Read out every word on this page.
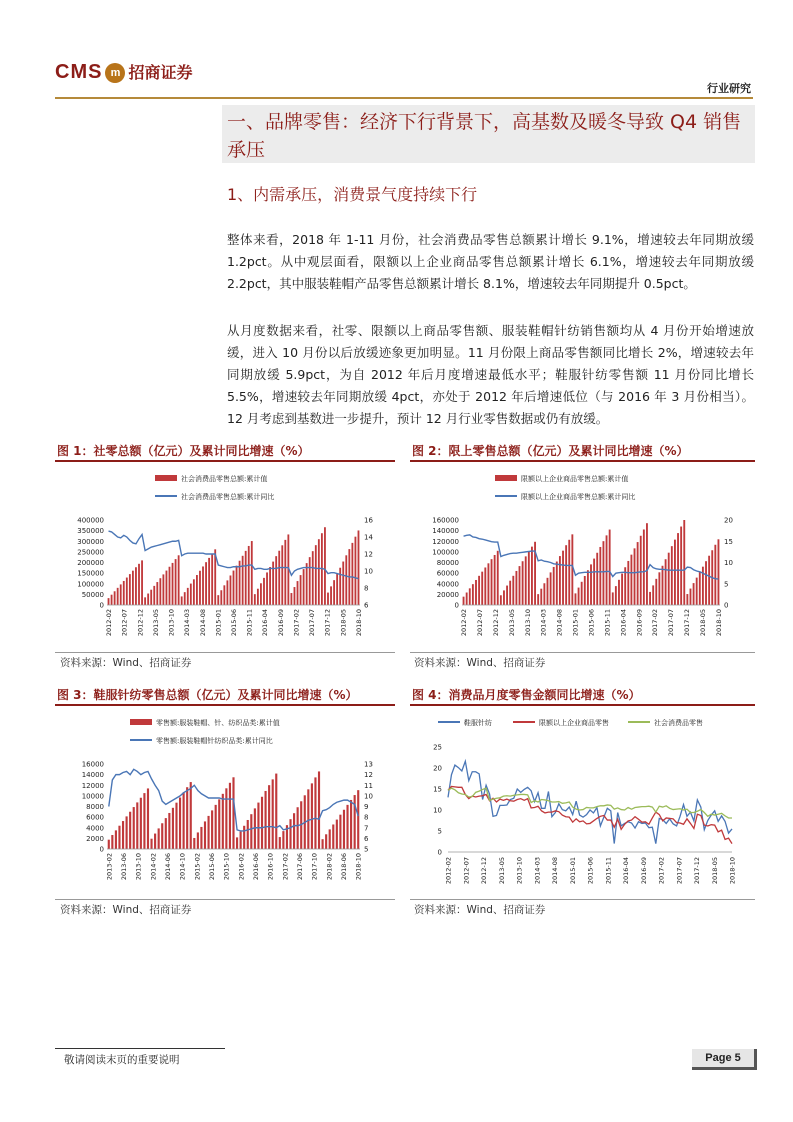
CMS m 招商证券
行业研究
一、品牌零售：经济下行背景下，高基数及暖冬导致 Q4 销售承压
1、内需承压，消费景气度持续下行
整体来看，2018 年 1-11 月份，社会消费品零售总额累计增长 9.1%，增速较去年同期放缓 1.2pct。从中观层面看，限额以上企业商品零售总额累计增长 6.1%，增速较去年同期放缓 2.2pct，其中服装鞋帽产品零售总额累计增长 8.1%，增速较去年同期提升 0.5pct。
从月度数据来看，社零、限额以上商品零售额、服装鞋帽针纺销售额均从 4 月份开始增速放缓，进入 10 月份以后放缓迹象更加明显。11 月份限上商品零售额同比增长 2%，增速较去年同期放缓 5.9pct，为自 2012 年后月度增速最低水平；鞋服针纺零售额 11 月份同比增长 5.5%，增速较去年同期放缓 4pct，亦处于 2012 年后增速低位（与 2016 年 3 月份相当）。12 月考虑到基数进一步提升，预计 12 月行业零售数据或仍有放缓。
图 1：社零总额（亿元）及累计同比增速（%）
社会消费品零售总额:累计值
社会消费品零售总额:累计同比
0
50000
100000
150000
200000
250000
300000
350000
400000
6
8
10
12
14
16
2012-02 2012-07 2012-12 2013-05 2013-10 2014-03 2014-08 2015-01 2015-06 2015-11 2016-04 2016-09 2017-02 2017-07 2017-12 2018-05 2018-10
资料来源：Wind、招商证券
图 2：限上零售总额（亿元）及累计同比增速（%）
限额以上企业商品零售总额:累计值
限额以上企业商品零售总额:累计同比
0
20000
40000
60000
80000
100000
120000
140000
160000
0
5
10
15
20
2012-02 2012-07 2012-12 2013-05 2013-10 2014-03 2014-08 2015-01 2015-06 2015-11 2016-04 2016-09 2017-02 2017-07 2017-12 2018-05 2018-10
资料来源：Wind、招商证券
图 3：鞋服针纺零售总额（亿元）及累计同比增速（%）
零售额:服装鞋帽、针、纺织品类:累计值
零售额:服装鞋帽针纺织品类:累计同比
0
2000
4000
6000
8000
10000
12000
14000
16000
5
6
7
8
9
10
11
12
13
2013-02 2013-06 2013-10 2014-02 2014-06 2014-10 2015-02 2015-06 2015-10 2016-02 2016-06 2016-10 2017-02 2017-06 2017-10 2018-02 2018-06 2018-10
资料来源：Wind、招商证券
图 4：消费品月度零售金额同比增速（%）
鞋服针纺	限额以上企业商品零售	社会消费品零售
0
5
10
15
20
25
2012-02 2012-07 2012-12 2013-05 2013-10 2014-03 2014-08 2015-01 2015-06 2015-11 2016-04 2016-09 2017-02 2017-07 2017-12 2018-05 2018-10
资料来源：Wind、招商证券
敬请阅读末页的重要说明	Page 5
